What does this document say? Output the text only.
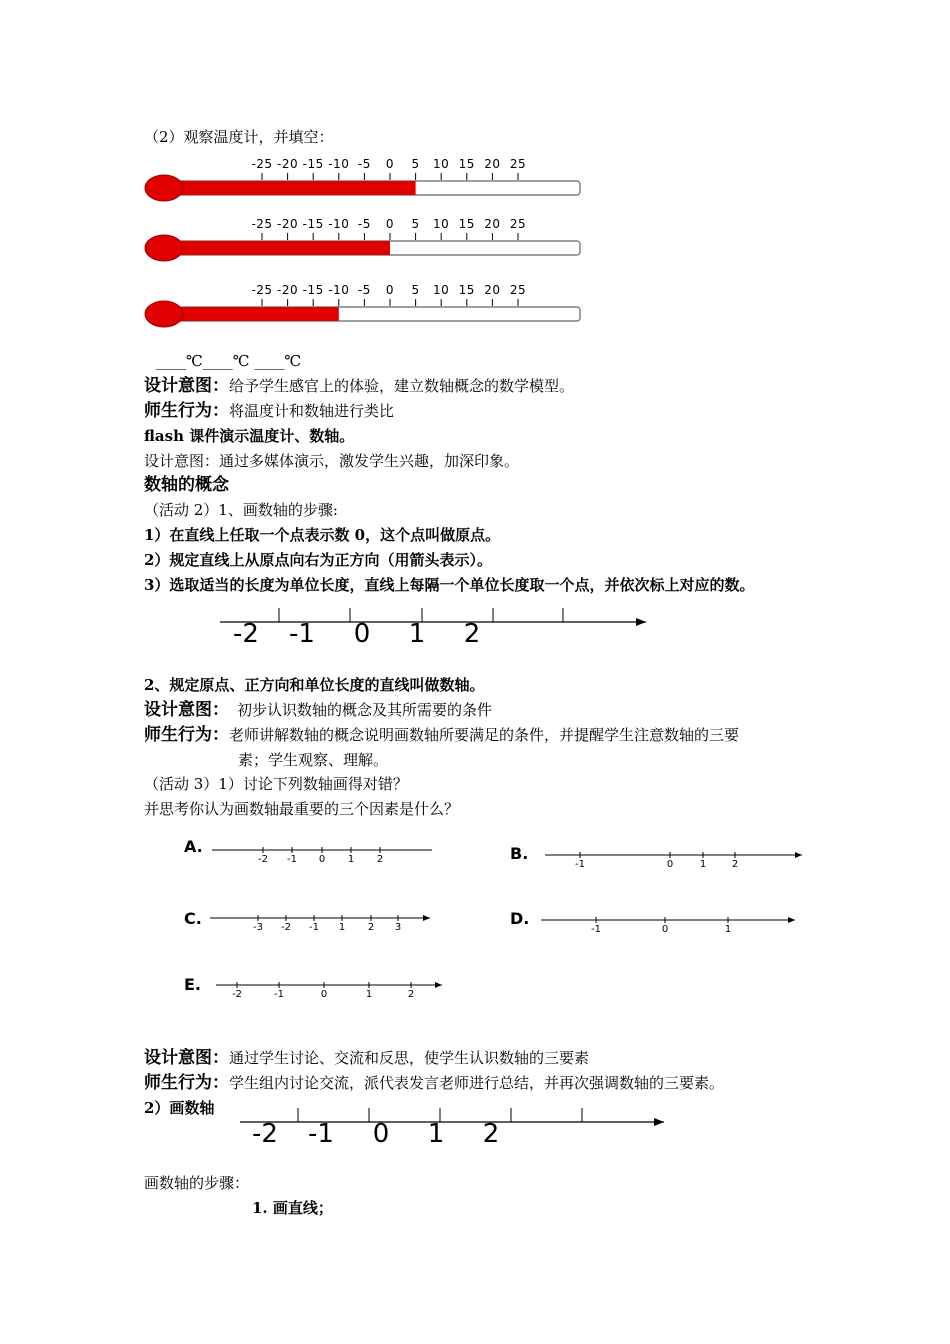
（2）观察温度计，并填空：
-25 -20 -15 -10 -5 0 5 10 15 20 25
-25 -20 -15 -10 -5 0 5 10 15 20 25
-25 -20 -15 -10 -5 0 5 10 15 20 25
____℃____℃ ____℃
设计意图：给予学生感官上的体验，建立数轴概念的数学模型。
师生行为：将温度计和数轴进行类比
flash 课件演示温度计、数轴。
设计意图：通过多媒体演示，激发学生兴趣，加深印象。
数轴的概念
（活动 2）1、画数轴的步骤:
1）在直线上任取一个点表示数 0，这个点叫做原点。
2）规定直线上从原点向右为正方向（用箭头表示）。
3）选取适当的长度为单位长度，直线上每隔一个单位长度取一个点，并依次标上对应的数。
-2 -1 0 1 2
2、规定原点、正方向和单位长度的直线叫做数轴。
设计意图： 初步认识数轴的概念及其所需要的条件
师生行为：老师讲解数轴的概念说明画数轴所要满足的条件，并提醒学生注意数轴的三要
素；学生观察、理解。
（活动 3）1）讨论下列数轴画得对错？
并思考你认为画数轴最重要的三个因素是什么？
A.
-2 -1 0 1 2	B.
-1	0	1	2
C.	-3 -2 -1 1 2 3	D.
-1	0	1
E.
-2	-1	0	1	2
设计意图：通过学生讨论、交流和反思，使学生认识数轴的三要素
师生行为：学生组内讨论交流，派代表发言老师进行总结，并再次强调数轴的三要素。
2）画数轴
-2 -1 0 1 2
画数轴的步骤：
1. 画直线；
